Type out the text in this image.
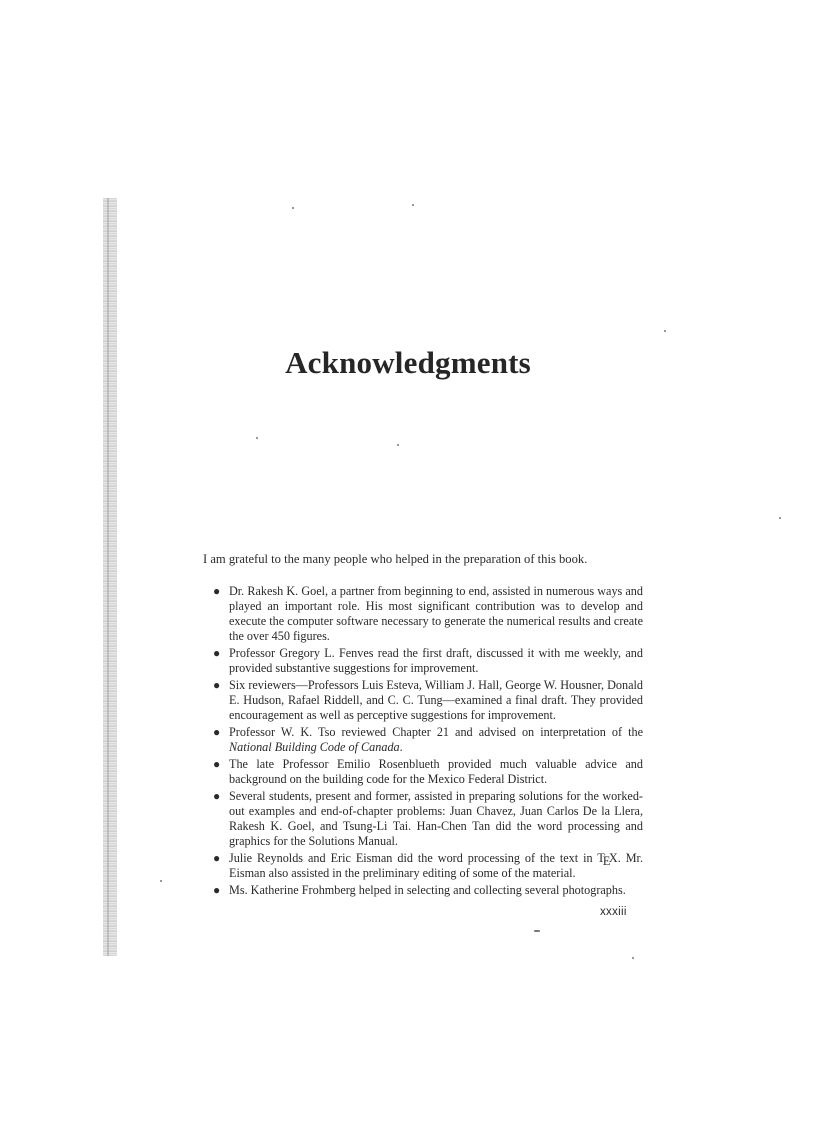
Acknowledgments

I am grateful to the many people who helped in the preparation of this book.

● Dr. Rakesh K. Goel, a partner from beginning to end, assisted in numerous ways and played an important role. His most significant contribution was to develop and execute the computer software necessary to generate the numerical results and create the over 450 figures.
● Professor Gregory L. Fenves read the first draft, discussed it with me weekly, and provided substantive suggestions for improvement.
● Six reviewers—Professors Luis Esteva, William J. Hall, George W. Housner, Donald E. Hudson, Rafael Riddell, and C. C. Tung—examined a final draft. They provided encouragement as well as perceptive suggestions for improvement.
● Professor W. K. Tso reviewed Chapter 21 and advised on interpretation of the National Building Code of Canada.
● The late Professor Emilio Rosenblueth provided much valuable advice and background on the building code for the Mexico Federal District.
● Several students, present and former, assisted in preparing solutions for the worked-out examples and end-of-chapter problems: Juan Chavez, Juan Carlos De la Llera, Rakesh K. Goel, and Tsung-Li Tai. Han-Chen Tan did the word processing and graphics for the Solutions Manual.
● Julie Reynolds and Eric Eisman did the word processing of the text in TEX. Mr. Eisman also assisted in the preliminary editing of some of the material.
● Ms. Katherine Frohmberg helped in selecting and collecting several photographs.

xxxiii
